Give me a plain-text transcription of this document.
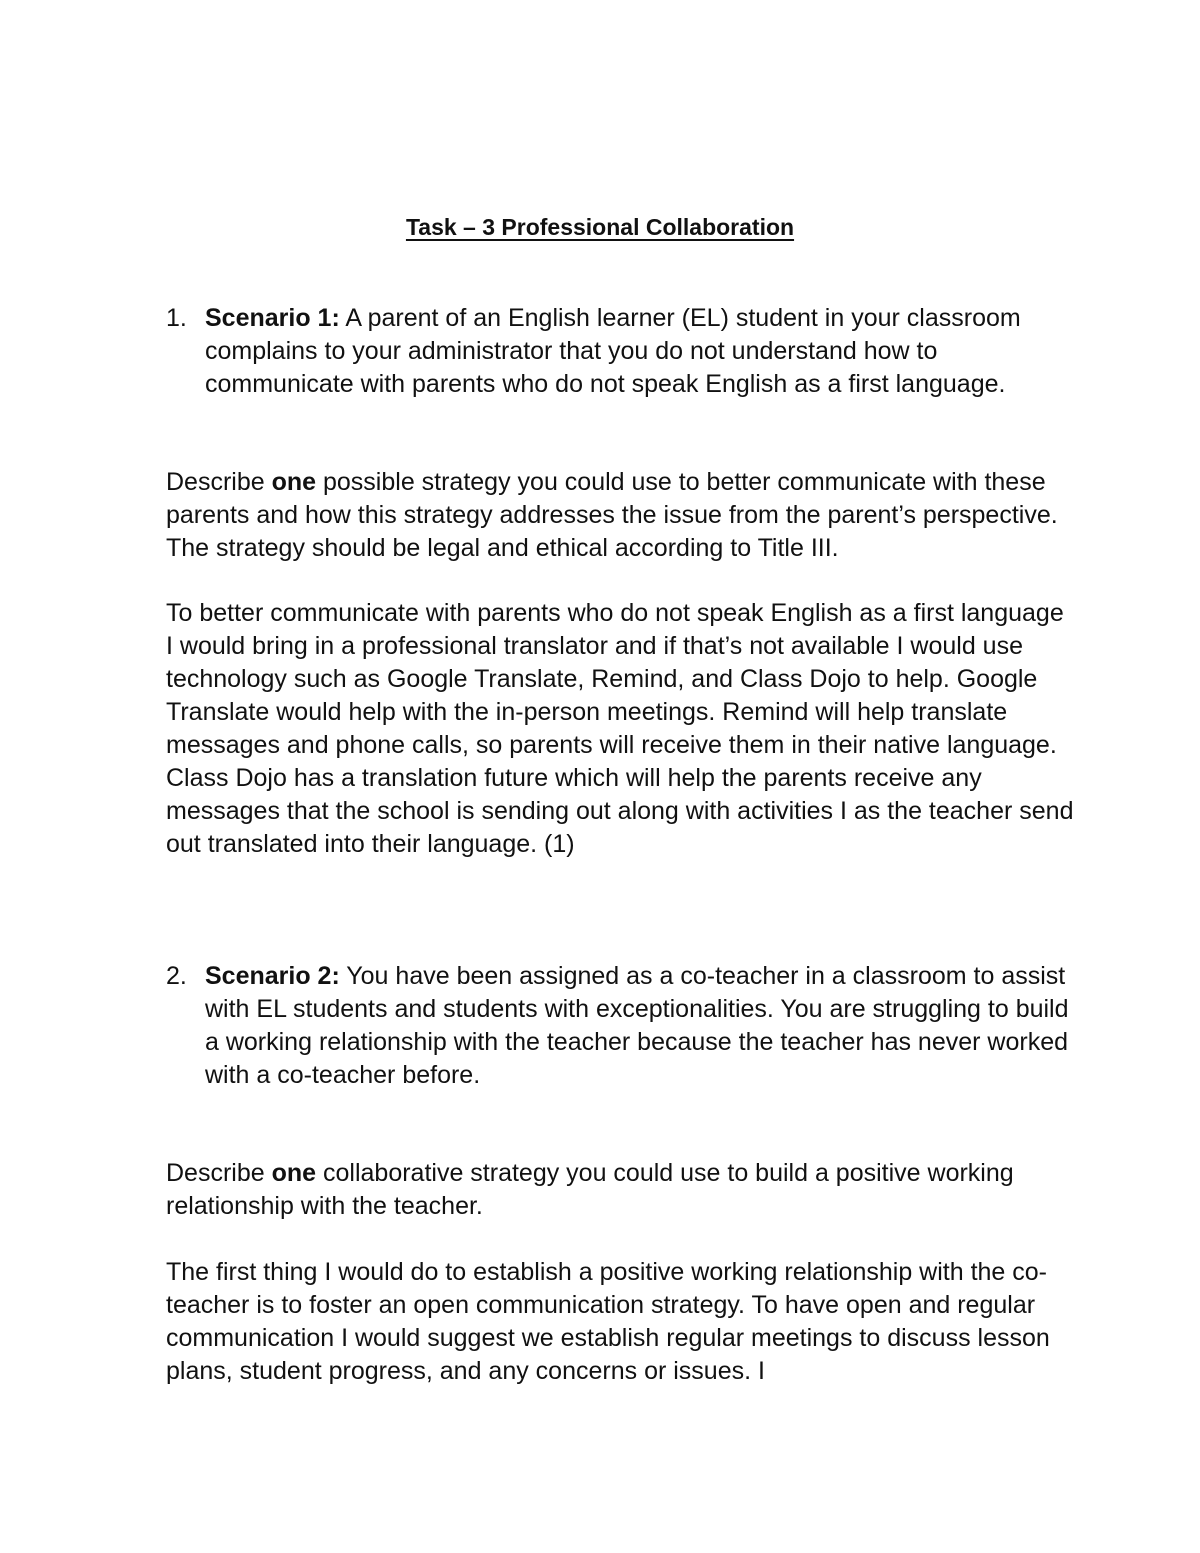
Task – 3 Professional Collaboration
1. Scenario 1: A parent of an English learner (EL) student in your classroom complains to your administrator that you do not understand how to communicate with parents who do not speak English as a first language.
Describe one possible strategy you could use to better communicate with these parents and how this strategy addresses the issue from the parent’s perspective. The strategy should be legal and ethical according to Title III.
To better communicate with parents who do not speak English as a first language I would bring in a professional translator and if that’s not available I would use technology such as Google Translate, Remind, and Class Dojo to help. Google Translate would help with the in-person meetings. Remind will help translate messages and phone calls, so parents will receive them in their native language. Class Dojo has a translation future which will help the parents receive any messages that the school is sending out along with activities I as the teacher send out translated into their language. (1)
2. Scenario 2: You have been assigned as a co-teacher in a classroom to assist with EL students and students with exceptionalities. You are struggling to build a working relationship with the teacher because the teacher has never worked with a co-teacher before.
Describe one collaborative strategy you could use to build a positive working relationship with the teacher.
The first thing I would do to establish a positive working relationship with the co-teacher is to foster an open communication strategy. To have open and regular communication I would suggest we establish regular meetings to discuss lesson plans, student progress, and any concerns or issues. I
